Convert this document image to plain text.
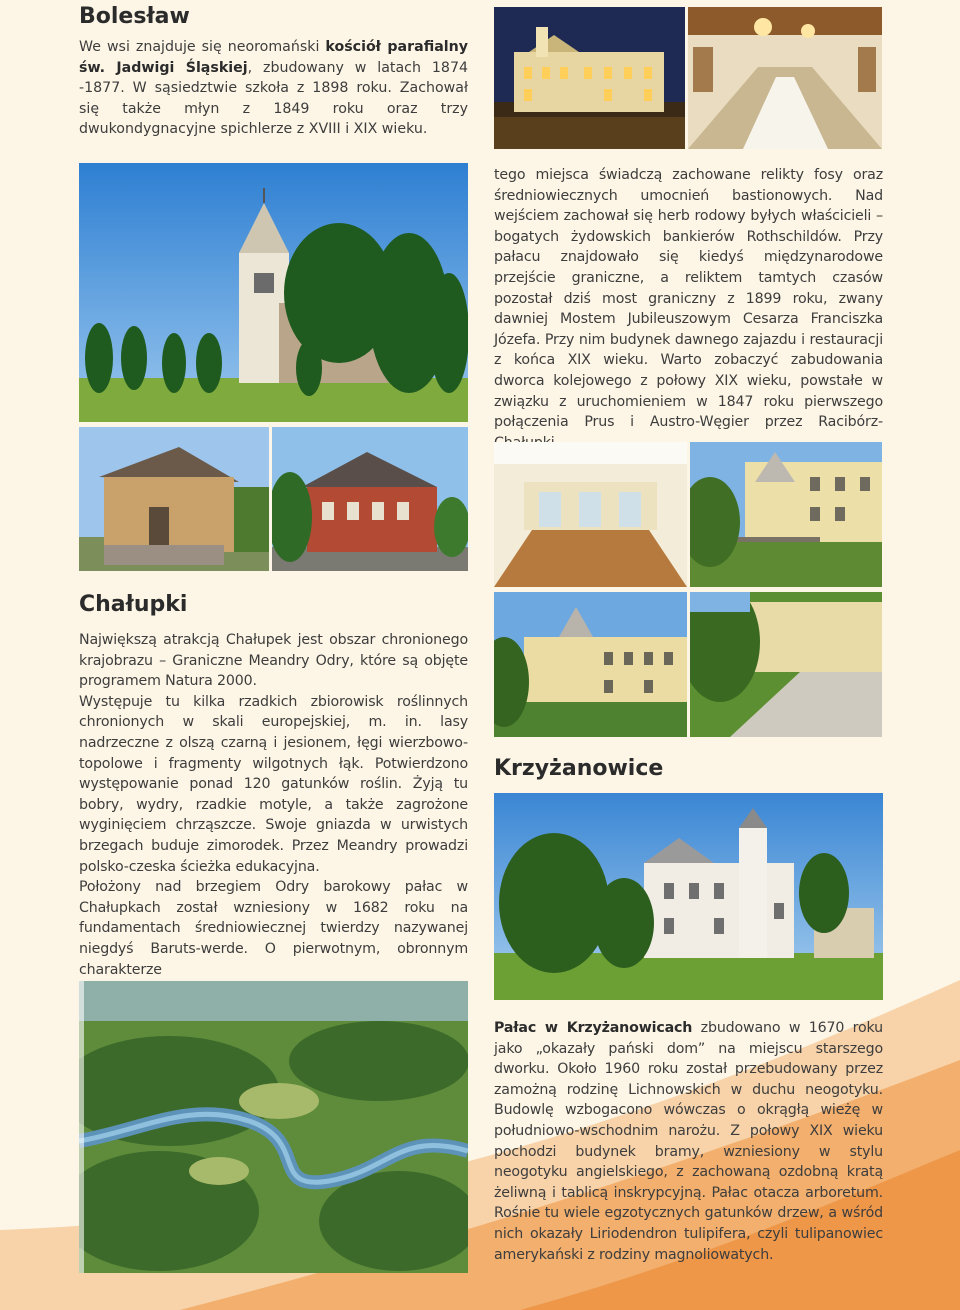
Bolesław

We wsi znajduje się neoromański kościół parafialny św. Jadwigi Śląskiej, zbudowany w latach 1874 -1877. W sąsiedztwie szkoła z 1898 roku. Zachował się także młyn z 1849 roku oraz trzy dwukondygnacyjne spichlerze z XVIII i XIX wieku.

tego miejsca świadczą zachowane relikty fosy oraz średniowiecznych umocnień bastionowych. Nad wejściem zachował się herb rodowy byłych właścicieli – bogatych żydowskich bankierów Rothschildów. Przy pałacu znajdowało się kiedyś międzynarodowe przejście graniczne, a reliktem tamtych czasów pozostał dziś most graniczny z 1899 roku, zwany dawniej Mostem Jubileuszowym Cesarza Franciszka Józefa. Przy nim budynek dawnego zajazdu i restauracji z końca XIX wieku. Warto zobaczyć zabudowania dworca kolejowego z połowy XIX wieku, powstałe w związku z uruchomieniem w 1847 roku pierwszego połączenia Prus i Austro-Węgier przez Racibórz-

Chałupki

Największą atrakcją Chałupek jest obszar chronionego krajobrazu – Graniczne Meandry Odry, które są objęte programem Natura 2000.

Występuje tu kilka rzadkich zbiorowisk roślinnych chronionych w skali europejskiej, m. in. lasy nadrzeczne z olszą czarną i jesionem, łęgi wierzbowo-topolowe i fragmenty wilgotnych łąk. Potwierdzono występowanie ponad 120 gatunków roślin. Żyją tu bobry, wydry, rzadkie motyle, a także zagrożone wyginięciem chrząszcze. Swoje gniazda w urwistych brzegach buduje zimorodek. Przez Meandry prowadzi polsko-czeska ścieżka edukacyjna.

Położony nad brzegiem Odry barokowy pałac w Chałupkach został wzniesiony w 1682 roku na fundamentach średniowiecznej twierdzy nazywanej niegdyś Baruts-werde. O pierwotnym, obronnym charakterze

Krzyżanowice

Pałac w Krzyżanowicach zbudowano w 1670 roku jako „okazały pański dom” na miejscu starszego dworku. Około 1960 roku został przebudowany przez zamożną rodzinę Lichnowskich w duchu neogotyku. Budowlę wzbogacono wówczas o okrągłą wieżę w południowo-wschodnim narożu. Z połowy XIX wieku pochodzi budynek bramy, wzniesiony w stylu neogotyku angielskiego, z zachowaną ozdobną kratą żeliwną i tablicą inskrypcyjną. Pałac otacza arboretum. Rośnie tu wiele egzotycznych gatunków drzew, a wśród nich okazały Liriodendron tulipifera, czyli tulipanowiec amerykański z rodziny magnoliowatych.
